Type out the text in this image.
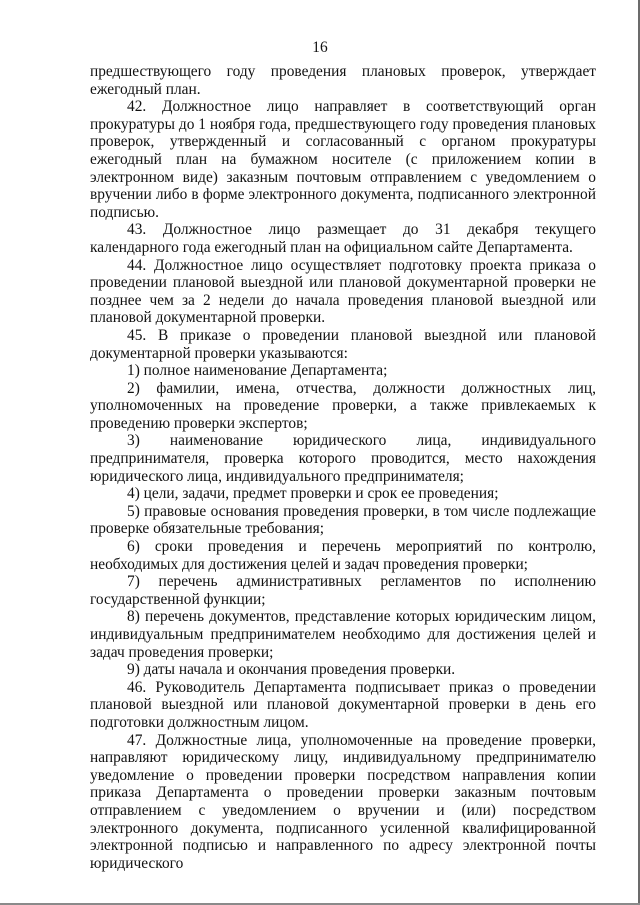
16

предшествующего году проведения плановых проверок, утверждает ежегодный план.

42. Должностное лицо направляет в соответствующий орган прокуратуры до 1 ноября года, предшествующего году проведения плановых проверок, утвержденный и согласованный с органом прокуратуры ежегодный план на бумажном носителе (с приложением копии в электронном виде) заказным почтовым отправлением с уведомлением о вручении либо в форме электронного документа, подписанного электронной подписью.

43. Должностное лицо размещает до 31 декабря текущего календарного года ежегодный план на официальном сайте Департамента.

44. Должностное лицо осуществляет подготовку проекта приказа о проведении плановой выездной или плановой документарной проверки не позднее чем за 2 недели до начала проведения плановой выездной или плановой документарной проверки.

45. В приказе о проведении плановой выездной или плановой документарной проверки указываются:

1) полное наименование Департамента;

2) фамилии, имена, отчества, должности должностных лиц, уполномоченных на проведение проверки, а также привлекаемых к проведению проверки экспертов;

3) наименование юридического лица, индивидуального предпринимателя, проверка которого проводится, место нахождения юридического лица, индивидуального предпринимателя;

4) цели, задачи, предмет проверки и срок ее проведения;

5) правовые основания проведения проверки, в том числе подлежащие проверке обязательные требования;

6) сроки проведения и перечень мероприятий по контролю, необходимых для достижения целей и задач проведения проверки;

7) перечень административных регламентов по исполнению государственной функции;

8) перечень документов, представление которых юридическим лицом, индивидуальным предпринимателем необходимо для достижения целей и задач проведения проверки;

9) даты начала и окончания проведения проверки.

46. Руководитель Департамента подписывает приказ о проведении плановой выездной или плановой документарной проверки в день его подготовки должностным лицом.

47. Должностные лица, уполномоченные на проведение проверки, направляют юридическому лицу, индивидуальному предпринимателю уведомление о проведении проверки посредством направления копии приказа Департамента о проведении проверки заказным почтовым отправлением с уведомлением о вручении и (или) посредством электронного документа, подписанного усиленной квалифицированной электронной подписью и направленного по адресу электронной почты юридического
